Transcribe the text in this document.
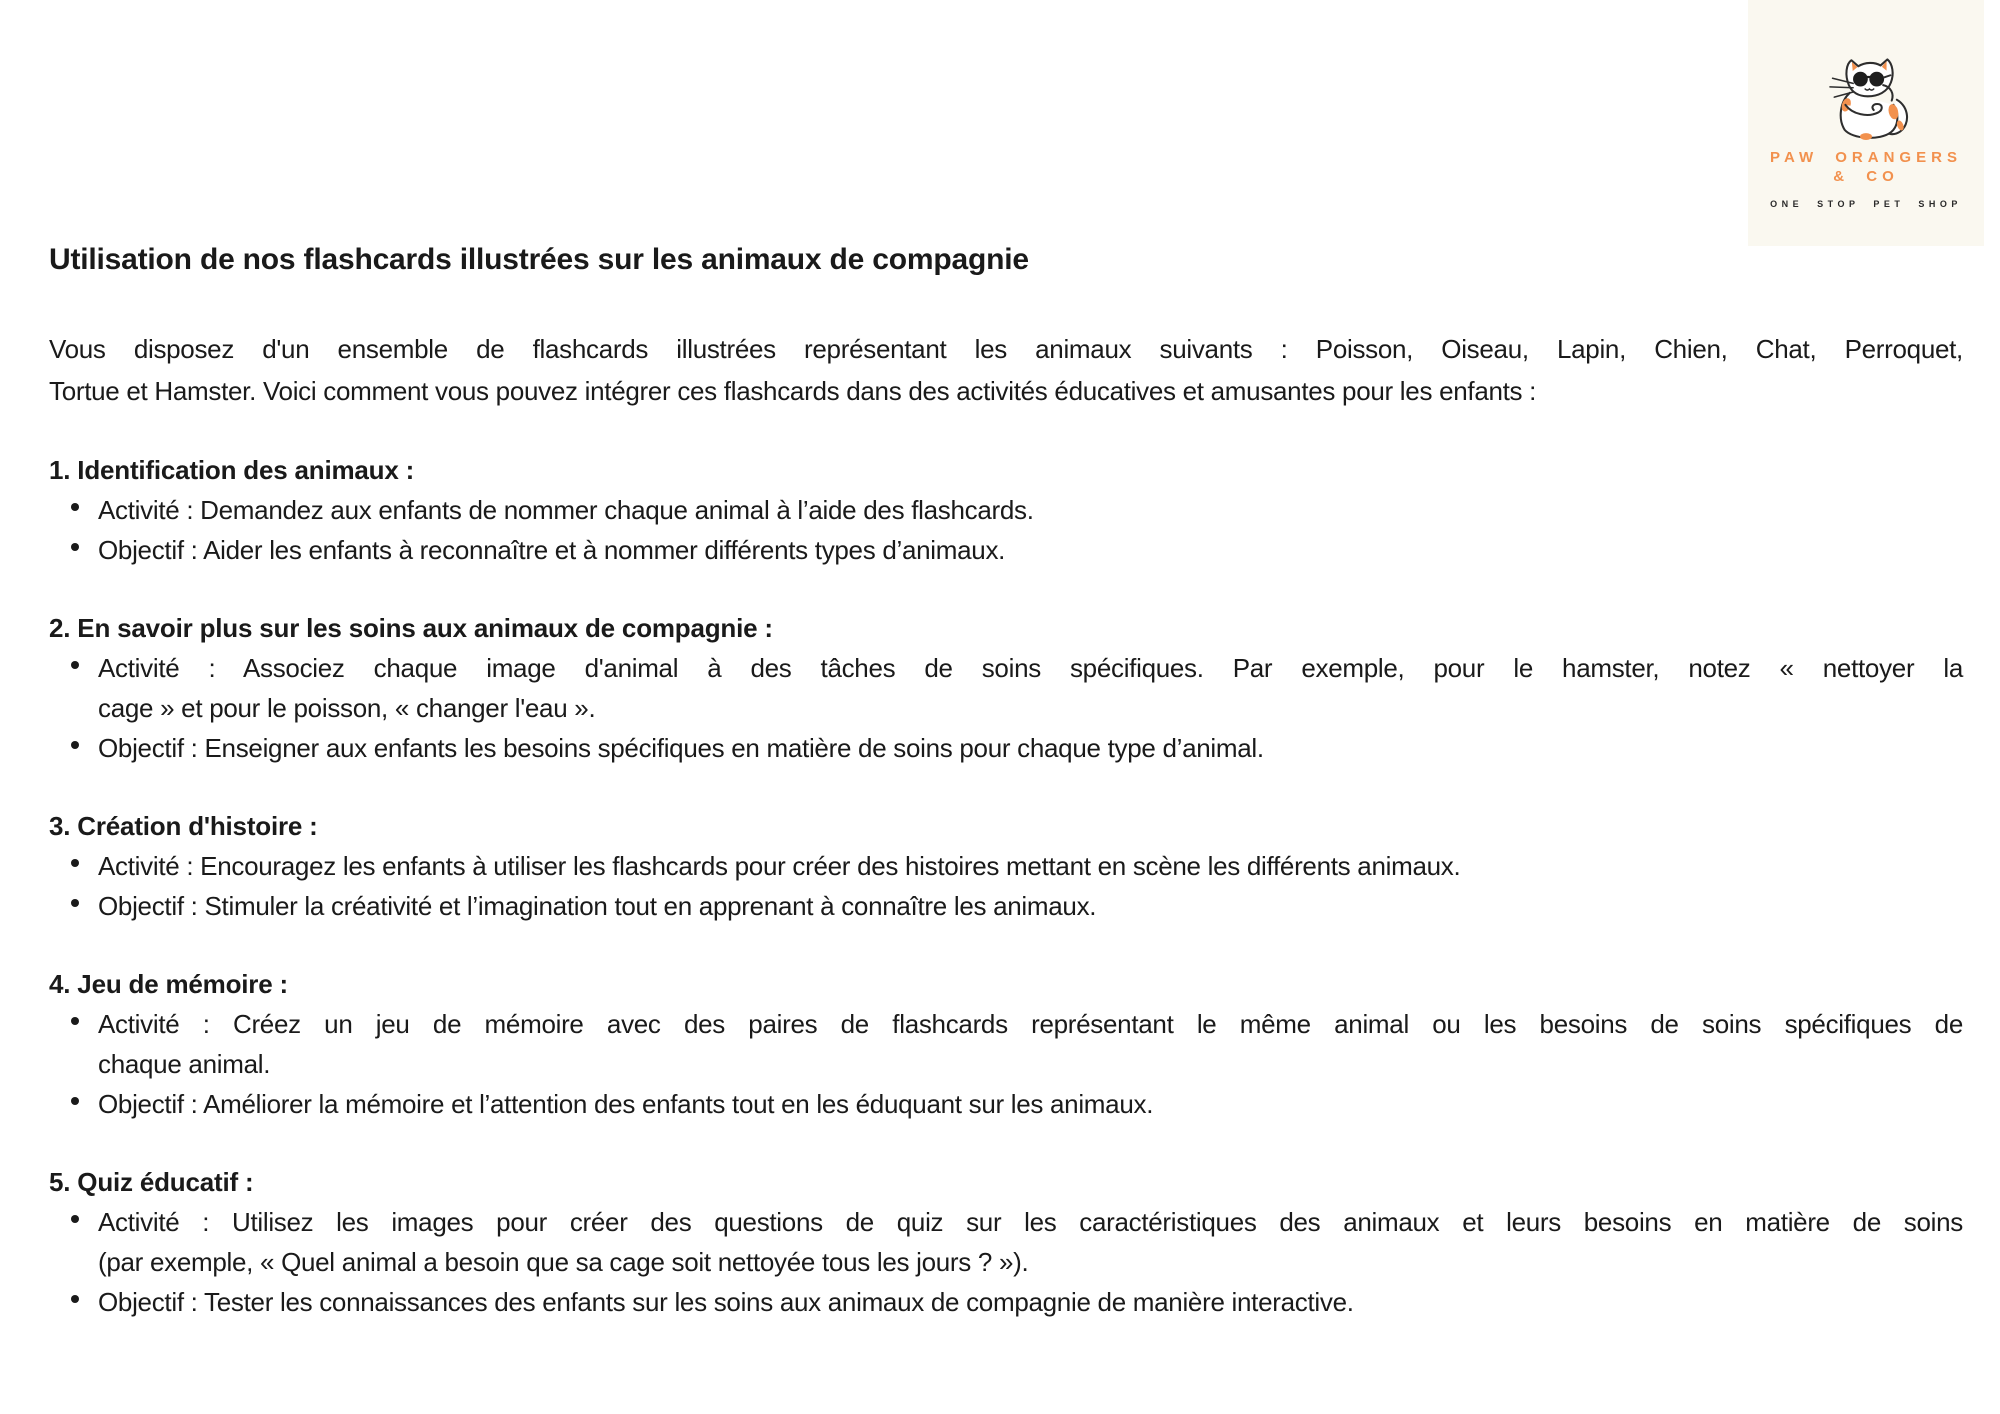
PAW ORANGERS
& CO
ONE STOP PET SHOP
Utilisation de nos flashcards illustrées sur les animaux de compagnie
Vous disposez d'un ensemble de flashcards illustrées représentant les animaux suivants : Poisson, Oiseau, Lapin, Chien, Chat, Perroquet,
Tortue et Hamster. Voici comment vous pouvez intégrer ces flashcards dans des activités éducatives et amusantes pour les enfants :
1. Identification des animaux :
Activité : Demandez aux enfants de nommer chaque animal à l’aide des flashcards.
Objectif : Aider les enfants à reconnaître et à nommer différents types d’animaux.
2. En savoir plus sur les soins aux animaux de compagnie :
Activité : Associez chaque image d'animal à des tâches de soins spécifiques. Par exemple, pour le hamster, notez « nettoyer la
cage » et pour le poisson, « changer l'eau ».
Objectif : Enseigner aux enfants les besoins spécifiques en matière de soins pour chaque type d’animal.
3. Création d'histoire :
Activité : Encouragez les enfants à utiliser les flashcards pour créer des histoires mettant en scène les différents animaux.
Objectif : Stimuler la créativité et l’imagination tout en apprenant à connaître les animaux.
4. Jeu de mémoire :
Activité : Créez un jeu de mémoire avec des paires de flashcards représentant le même animal ou les besoins de soins spécifiques de
chaque animal.
Objectif : Améliorer la mémoire et l’attention des enfants tout en les éduquant sur les animaux.
5. Quiz éducatif :
Activité : Utilisez les images pour créer des questions de quiz sur les caractéristiques des animaux et leurs besoins en matière de soins
(par exemple, « Quel animal a besoin que sa cage soit nettoyée tous les jours ? »).
Objectif : Tester les connaissances des enfants sur les soins aux animaux de compagnie de manière interactive.
